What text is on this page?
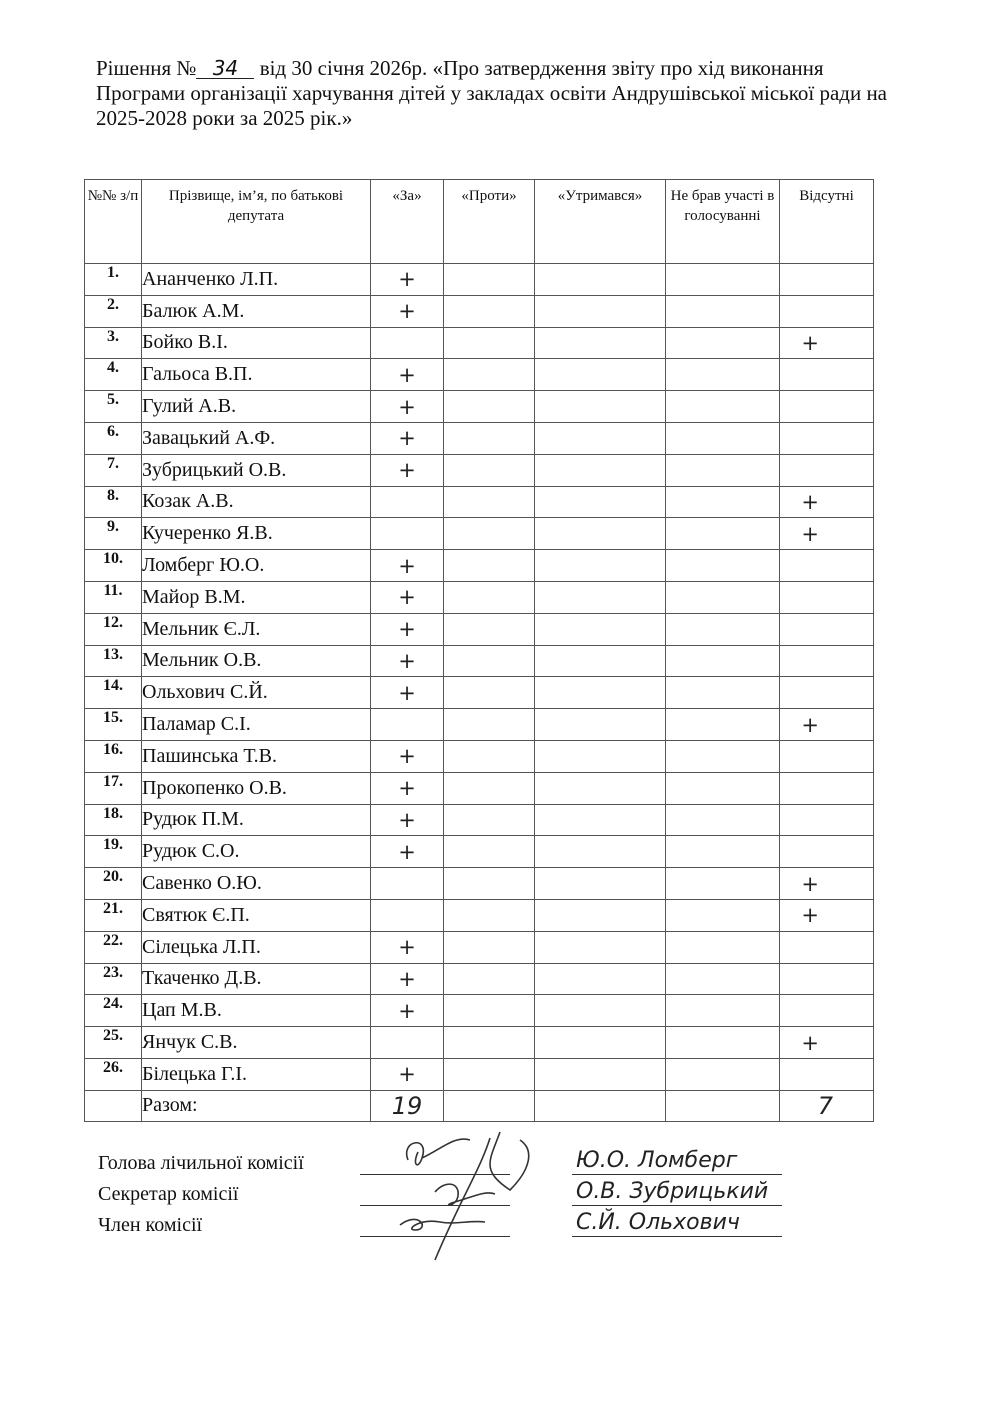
Рішення № 34 від 30 січня 2026р. «Про затвердження звіту про хід виконання Програми організації харчування дітей у закладах освіти Андрушівської міської ради на 2025-2028 роки за 2025 рік.»
№№ з/п	Прізвище, ім’я, по батькові депутата	«За»	«Проти»	«Утримався»	Не брав участі в голосуванні	Відсутні
1.	Ананченко Л.П.	+				
2.	Балюк А.М.	+				
3.	Бойко В.І.					+
4.	Гальоса В.П.	+				
5.	Гулий А.В.	+				
6.	Завацький А.Ф.	+				
7.	Зубрицький О.В.	+				
8.	Козак А.В.					+
9.	Кучеренко Я.В.					+
10.	Ломберг Ю.О.	+				
11.	Майор В.М.	+				
12.	Мельник Є.Л.	+				
13.	Мельник О.В.	+				
14.	Ольхович С.Й.	+				
15.	Паламар С.І.					+
16.	Пашинська Т.В.	+				
17.	Прокопенко О.В.	+				
18.	Рудюк П.М.	+				
19.	Рудюк С.О.	+				
20.	Савенко О.Ю.					+
21.	Святюк Є.П.					+
22.	Сілецька Л.П.	+				
23.	Ткаченко Д.В.	+				
24.	Цап М.В.	+				
25.	Янчук С.В.					+
26.	Білецька Г.І.	+				
	Разом:	19				7
Голова лічильної комісії	Ю.О. Ломберг
Секретар комісії	О.В. Зубрицький
Член комісії	С.Й. Ольхович
